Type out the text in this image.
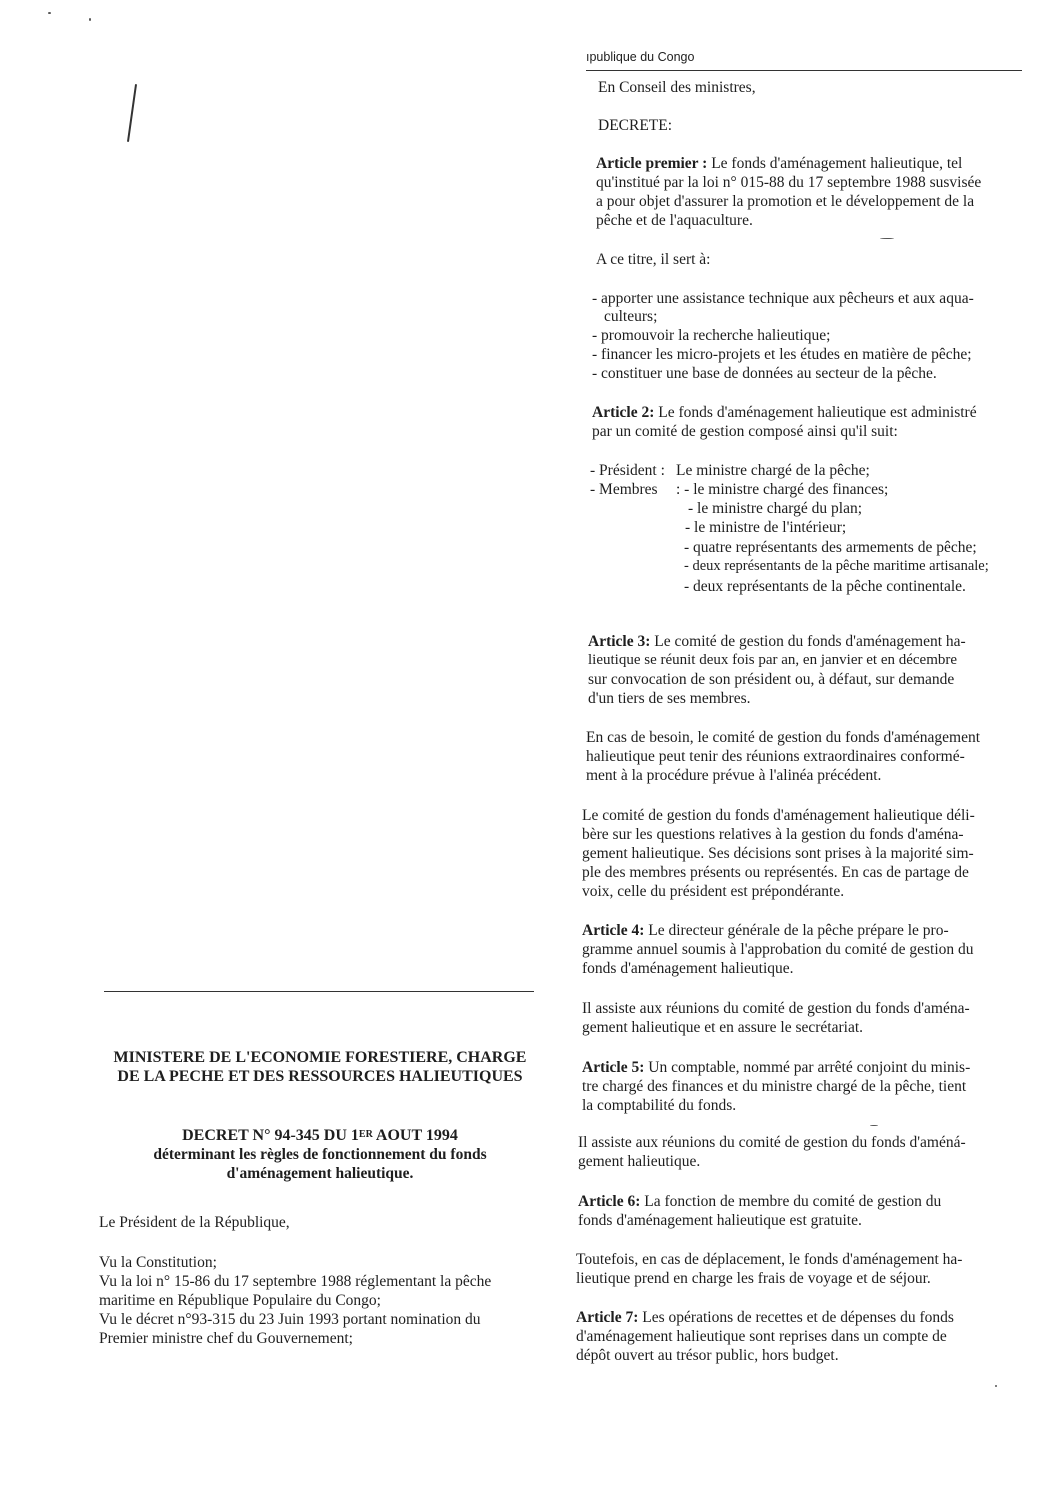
MINISTERE DE L'ECONOMIE FORESTIERE, CHARGE
DE LA PECHE ET DES RESSOURCES HALIEUTIQUES
DECRET N° 94-345 DU 1ER AOUT 1994
déterminant les règles de fonctionnement du fonds
d'aménagement halieutique.
Le Président de la République,
Vu la Constitution;
Vu la loi n° 15-86 du 17 septembre 1988 réglementant la pêche
maritime en République Populaire du Congo;
Vu le décret n°93-315 du 23 Juin 1993 portant nomination du
Premier ministre chef du Gouvernement;
ıpublique du Congo
En Conseil des ministres,
DECRETE:
Article premier : Le fonds d'aménagement halieutique, tel
qu'institué par la loi n° 015-88 du 17 septembre 1988 susvisée
a pour objet d'assurer la promotion et le développement de la
pêche et de l'aquaculture.
A ce titre, il sert à:
- apporter une assistance technique aux pêcheurs et aux aqua-
culteurs;
- promouvoir la recherche halieutique;
- financer les micro-projets et les études en matière de pêche;
- constituer une base de données au secteur de la pêche.
Article 2: Le fonds d'aménagement halieutique est administré
par un comité de gestion composé ainsi qu'il suit:
- Président : Le ministre chargé de la pêche;
- Membres : - le ministre chargé des finances;
- le ministre chargé du plan;
- le ministre de l'intérieur;
- quatre représentants des armements de pêche;
- deux représentants de la pêche maritime artisanale;
- deux représentants de la pêche continentale.
Article 3: Le comité de gestion du fonds d'aménagement ha-
lieutique se réunit deux fois par an, en janvier et en décembre
sur convocation de son président ou, à défaut, sur demande
d'un tiers de ses membres.
En cas de besoin, le comité de gestion du fonds d'aménagement
halieutique peut tenir des réunions extraordinaires conformé-
ment à la procédure prévue à l'alinéa précédent.
Le comité de gestion du fonds d'aménagement halieutique déli-
bère sur les questions relatives à la gestion du fonds d'aména-
gement halieutique. Ses décisions sont prises à la majorité sim-
ple des membres présents ou représentés. En cas de partage de
voix, celle du président est prépondérante.
Article 4: Le directeur générale de la pêche prépare le pro-
gramme annuel soumis à l'approbation du comité de gestion du
fonds d'aménagement halieutique.
Il assiste aux réunions du comité de gestion du fonds d'aména-
gement halieutique et en assure le secrétariat.
Article 5: Un comptable, nommé par arrêté conjoint du minis-
tre chargé des finances et du ministre chargé de la pêche, tient
la comptabilité du fonds.
Il assiste aux réunions du comité de gestion du fonds d'améná-
gement halieutique.
Article 6: La fonction de membre du comité de gestion du
fonds d'aménagement halieutique est gratuite.
Toutefois, en cas de déplacement, le fonds d'aménagement ha-
lieutique prend en charge les frais de voyage et de séjour.
Article 7: Les opérations de recettes et de dépenses du fonds
d'aménagement halieutique sont reprises dans un compte de
dépôt ouvert au trésor public, hors budget.
